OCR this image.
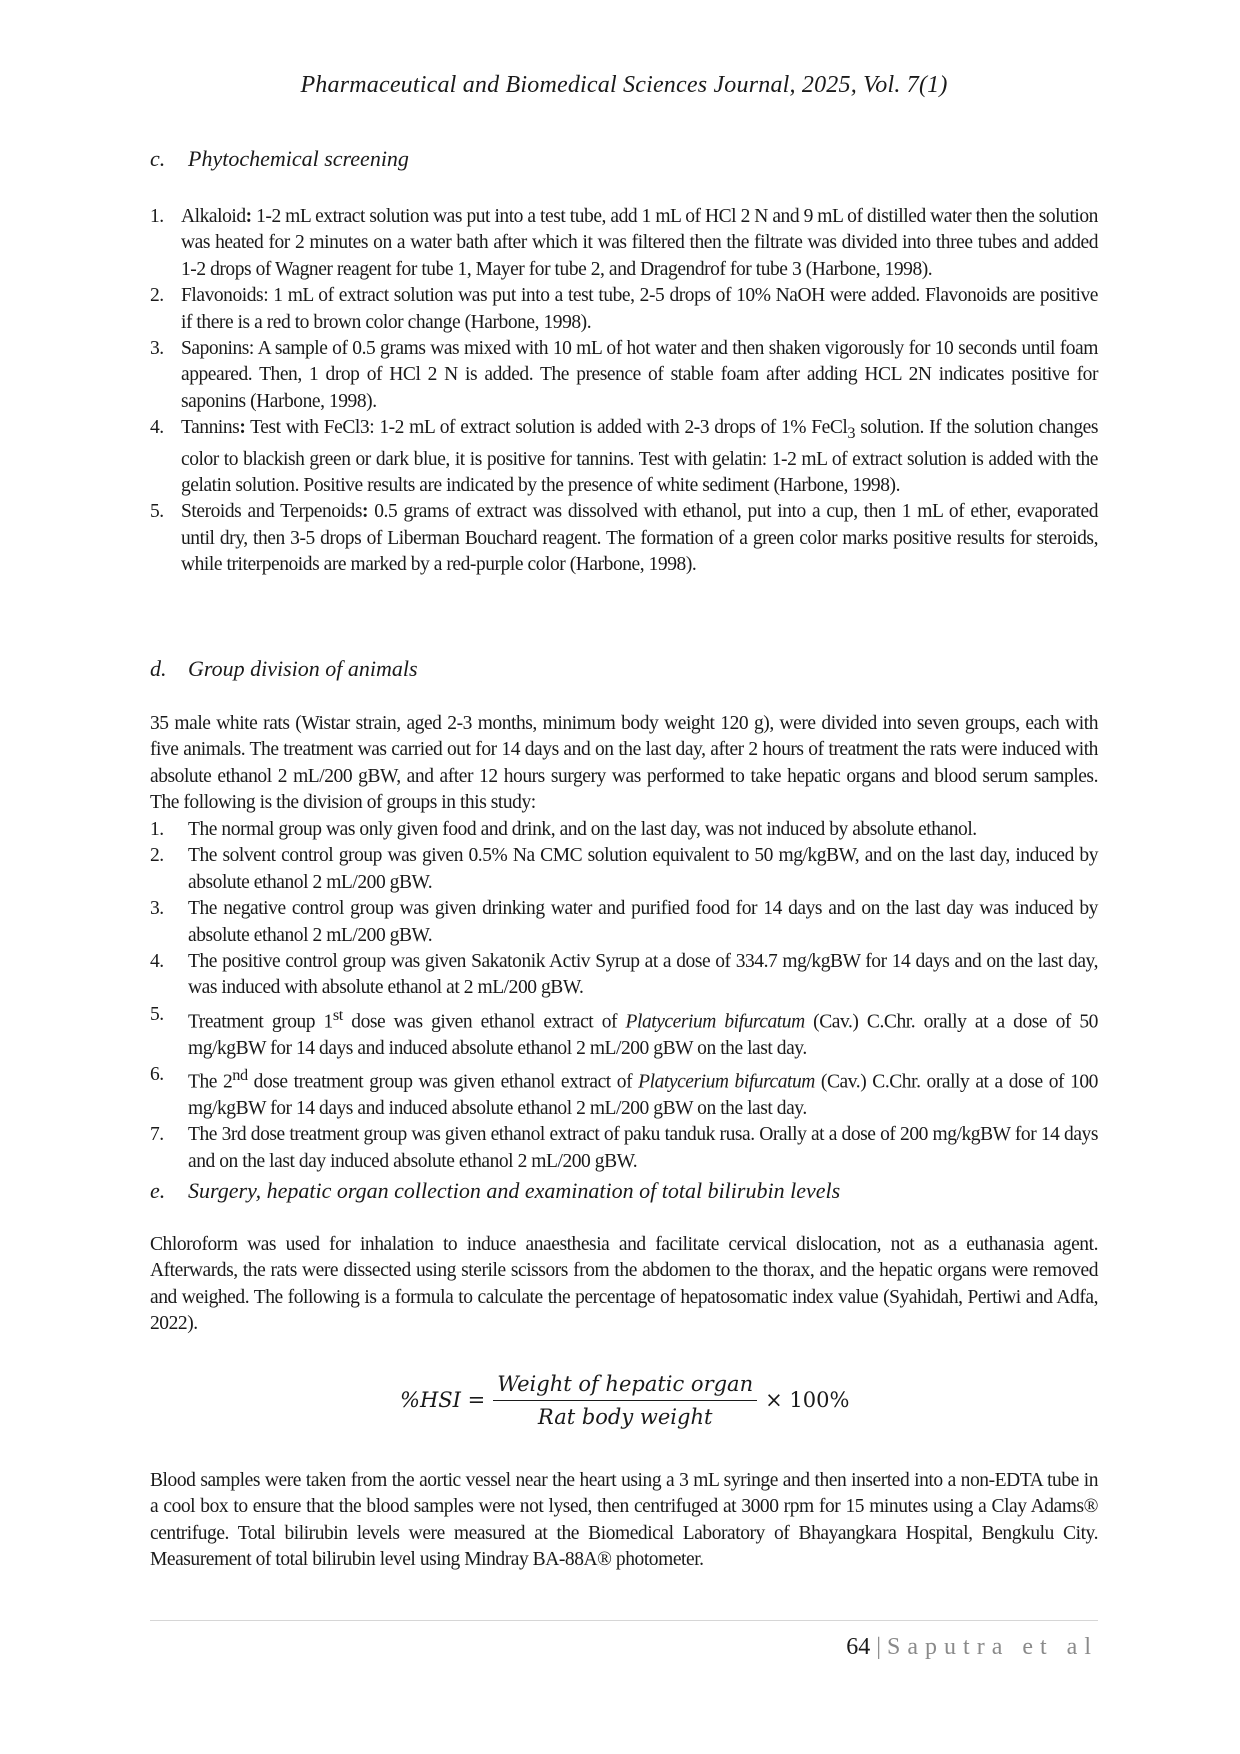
Pharmaceutical and Biomedical Sciences Journal, 2025, Vol. 7(1)
c. Phytochemical screening
1. Alkaloid: 1-2 mL extract solution was put into a test tube, add 1 mL of HCl 2 N and 9 mL of distilled water then the solution was heated for 2 minutes on a water bath after which it was filtered then the filtrate was divided into three tubes and added 1-2 drops of Wagner reagent for tube 1, Mayer for tube 2, and Dragendrof for tube 3 (Harbone, 1998).
2. Flavonoids: 1 mL of extract solution was put into a test tube, 2-5 drops of 10% NaOH were added. Flavonoids are positive if there is a red to brown color change (Harbone, 1998).
3. Saponins: A sample of 0.5 grams was mixed with 10 mL of hot water and then shaken vigorously for 10 seconds until foam appeared. Then, 1 drop of HCl 2 N is added. The presence of stable foam after adding HCL 2N indicates positive for saponins (Harbone, 1998).
4. Tannins: Test with FeCl3: 1-2 mL of extract solution is added with 2-3 drops of 1% FeCl$_3$ solution. If the solution changes color to blackish green or dark blue, it is positive for tannins. Test with gelatin: 1-2 mL of extract solution is added with the gelatin solution. Positive results are indicated by the presence of white sediment (Harbone, 1998).
5. Steroids and Terpenoids: 0.5 grams of extract was dissolved with ethanol, put into a cup, then 1 mL of ether, evaporated until dry, then 3-5 drops of Liberman Bouchard reagent. The formation of a green color marks positive results for steroids, while triterpenoids are marked by a red-purple color (Harbone, 1998).
d. Group division of animals
35 male white rats (Wistar strain, aged 2-3 months, minimum body weight 120 g), were divided into seven groups, each with five animals. The treatment was carried out for 14 days and on the last day, after 2 hours of treatment the rats were induced with absolute ethanol 2 mL/200 gBW, and after 12 hours surgery was performed to take hepatic organs and blood serum samples. The following is the division of groups in this study:
1. The normal group was only given food and drink, and on the last day, was not induced by absolute ethanol.
2. The solvent control group was given 0.5% Na CMC solution equivalent to 50 mg/kgBW, and on the last day, induced by absolute ethanol 2 mL/200 gBW.
3. The negative control group was given drinking water and purified food for 14 days and on the last day was induced by absolute ethanol 2 mL/200 gBW.
4. The positive control group was given Sakatonik Activ Syrup at a dose of 334.7 mg/kgBW for 14 days and on the last day, was induced with absolute ethanol at 2 mL/200 gBW.
5. Treatment group 1st dose was given ethanol extract of Platycerium bifurcatum (Cav.) C.Chr. orally at a dose of 50 mg/kgBW for 14 days and induced absolute ethanol 2 mL/200 gBW on the last day.
6. The 2nd dose treatment group was given ethanol extract of Platycerium bifurcatum (Cav.) C.Chr. orally at a dose of 100 mg/kgBW for 14 days and induced absolute ethanol 2 mL/200 gBW on the last day.
7. The 3rd dose treatment group was given ethanol extract of paku tanduk rusa. Orally at a dose of 200 mg/kgBW for 14 days and on the last day induced absolute ethanol 2 mL/200 gBW.
e. Surgery, hepatic organ collection and examination of total bilirubin levels
Chloroform was used for inhalation to induce anaesthesia and facilitate cervical dislocation, not as a euthanasia agent. Afterwards, the rats were dissected using sterile scissors from the abdomen to the thorax, and the hepatic organs were removed and weighed. The following is a formula to calculate the percentage of hepatosomatic index value (Syahidah, Pertiwi and Adfa, 2022).
$\%HSI = \frac{\text{Weight of hepatic organ}}{\text{Rat body weight}} \times 100\%$
Blood samples were taken from the aortic vessel near the heart using a 3 mL syringe and then inserted into a non-EDTA tube in a cool box to ensure that the blood samples were not lysed, then centrifuged at 3000 rpm for 15 minutes using a Clay Adams® centrifuge. Total bilirubin levels were measured at the Biomedical Laboratory of Bhayangkara Hospital, Bengkulu City. Measurement of total bilirubin level using Mindray BA-88A® photometer.
64 | Saputra et al
